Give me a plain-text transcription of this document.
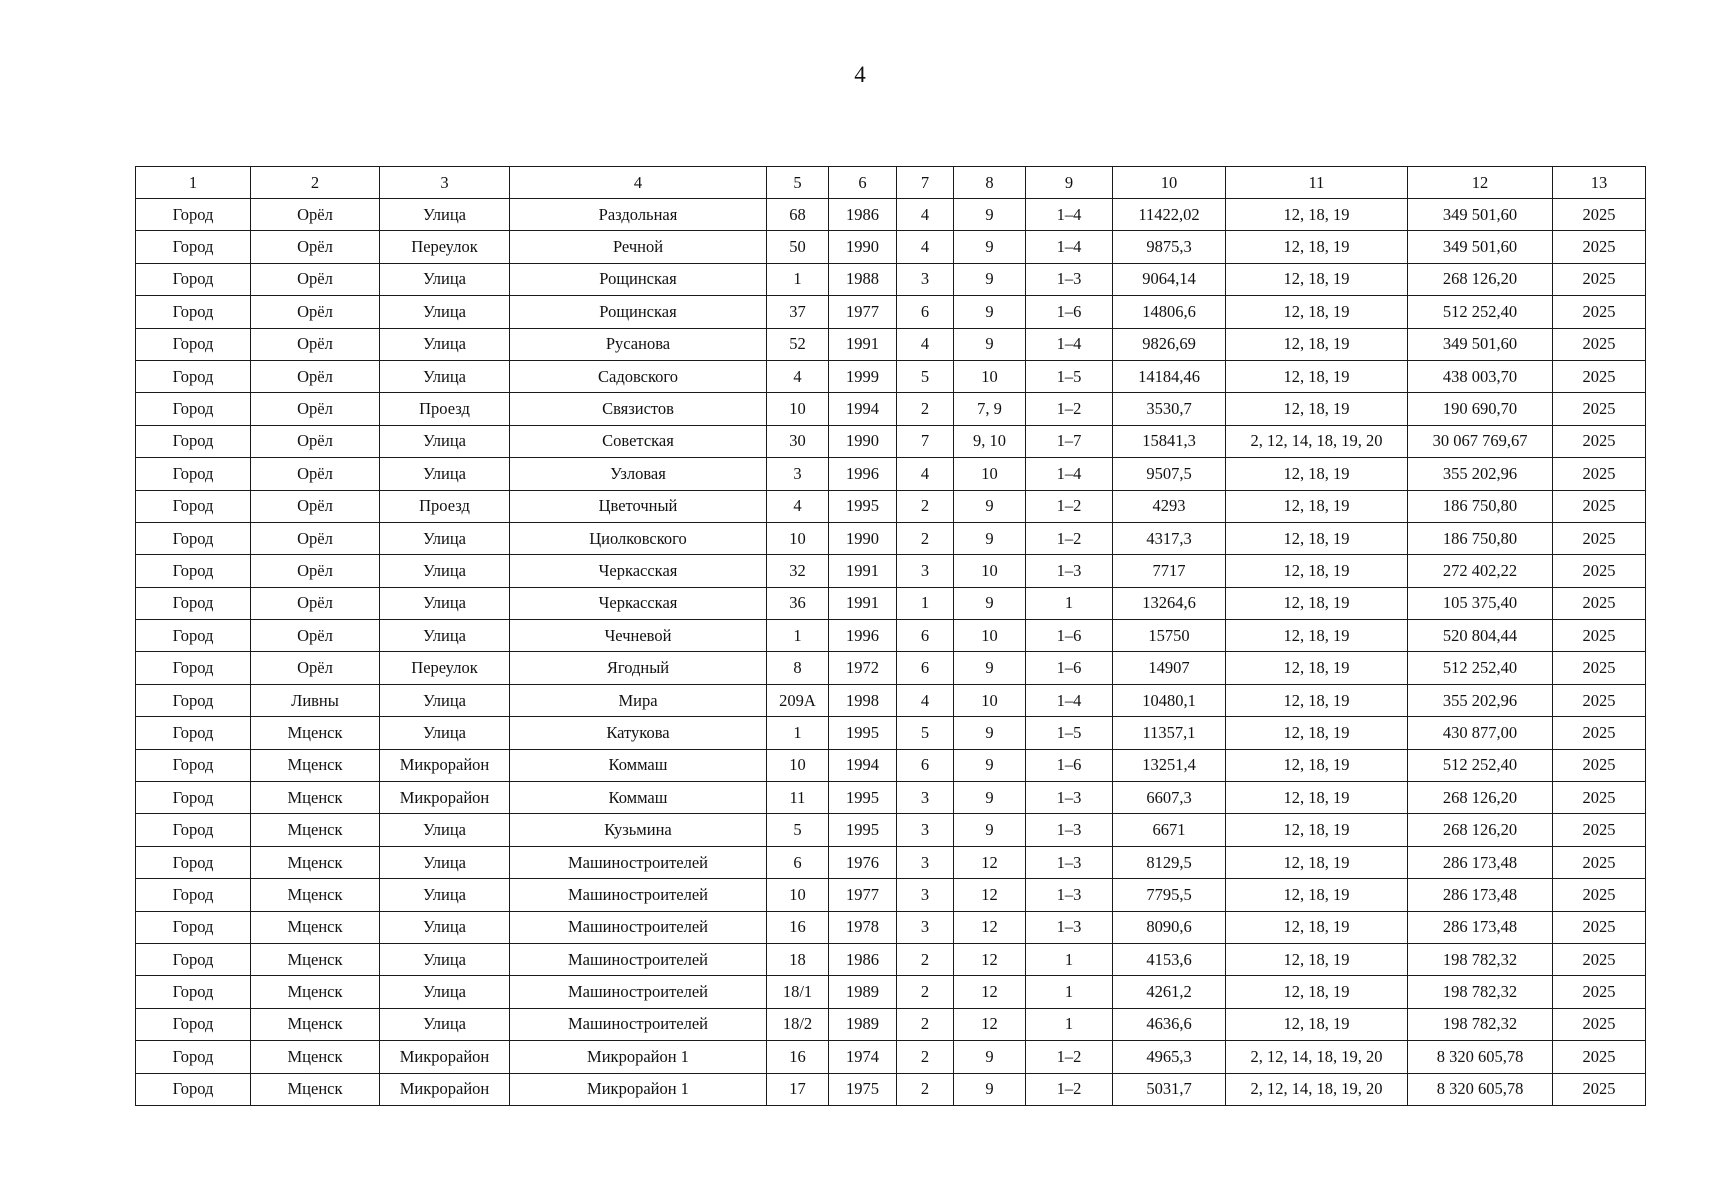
4
1	2	3	4	5	6	7	8	9	10	11	12	13
Город	Орёл	Улица	Раздольная	68	1986	4	9	1–4	11422,02	12, 18, 19	349 501,60	2025
Город	Орёл	Переулок	Речной	50	1990	4	9	1–4	9875,3	12, 18, 19	349 501,60	2025
Город	Орёл	Улица	Рощинская	1	1988	3	9	1–3	9064,14	12, 18, 19	268 126,20	2025
Город	Орёл	Улица	Рощинская	37	1977	6	9	1–6	14806,6	12, 18, 19	512 252,40	2025
Город	Орёл	Улица	Русанова	52	1991	4	9	1–4	9826,69	12, 18, 19	349 501,60	2025
Город	Орёл	Улица	Садовского	4	1999	5	10	1–5	14184,46	12, 18, 19	438 003,70	2025
Город	Орёл	Проезд	Связистов	10	1994	2	7, 9	1–2	3530,7	12, 18, 19	190 690,70	2025
Город	Орёл	Улица	Советская	30	1990	7	9, 10	1–7	15841,3	2, 12, 14, 18, 19, 20	30 067 769,67	2025
Город	Орёл	Улица	Узловая	3	1996	4	10	1–4	9507,5	12, 18, 19	355 202,96	2025
Город	Орёл	Проезд	Цветочный	4	1995	2	9	1–2	4293	12, 18, 19	186 750,80	2025
Город	Орёл	Улица	Циолковского	10	1990	2	9	1–2	4317,3	12, 18, 19	186 750,80	2025
Город	Орёл	Улица	Черкасская	32	1991	3	10	1–3	7717	12, 18, 19	272 402,22	2025
Город	Орёл	Улица	Черкасская	36	1991	1	9	1	13264,6	12, 18, 19	105 375,40	2025
Город	Орёл	Улица	Чечневой	1	1996	6	10	1–6	15750	12, 18, 19	520 804,44	2025
Город	Орёл	Переулок	Ягодный	8	1972	6	9	1–6	14907	12, 18, 19	512 252,40	2025
Город	Ливны	Улица	Мира	209А	1998	4	10	1–4	10480,1	12, 18, 19	355 202,96	2025
Город	Мценск	Улица	Катукова	1	1995	5	9	1–5	11357,1	12, 18, 19	430 877,00	2025
Город	Мценск	Микрорайон	Коммаш	10	1994	6	9	1–6	13251,4	12, 18, 19	512 252,40	2025
Город	Мценск	Микрорайон	Коммаш	11	1995	3	9	1–3	6607,3	12, 18, 19	268 126,20	2025
Город	Мценск	Улица	Кузьмина	5	1995	3	9	1–3	6671	12, 18, 19	268 126,20	2025
Город	Мценск	Улица	Машиностроителей	6	1976	3	12	1–3	8129,5	12, 18, 19	286 173,48	2025
Город	Мценск	Улица	Машиностроителей	10	1977	3	12	1–3	7795,5	12, 18, 19	286 173,48	2025
Город	Мценск	Улица	Машиностроителей	16	1978	3	12	1–3	8090,6	12, 18, 19	286 173,48	2025
Город	Мценск	Улица	Машиностроителей	18	1986	2	12	1	4153,6	12, 18, 19	198 782,32	2025
Город	Мценск	Улица	Машиностроителей	18/1	1989	2	12	1	4261,2	12, 18, 19	198 782,32	2025
Город	Мценск	Улица	Машиностроителей	18/2	1989	2	12	1	4636,6	12, 18, 19	198 782,32	2025
Город	Мценск	Микрорайон	Микрорайон 1	16	1974	2	9	1–2	4965,3	2, 12, 14, 18, 19, 20	8 320 605,78	2025
Город	Мценск	Микрорайон	Микрорайон 1	17	1975	2	9	1–2	5031,7	2, 12, 14, 18, 19, 20	8 320 605,78	2025
